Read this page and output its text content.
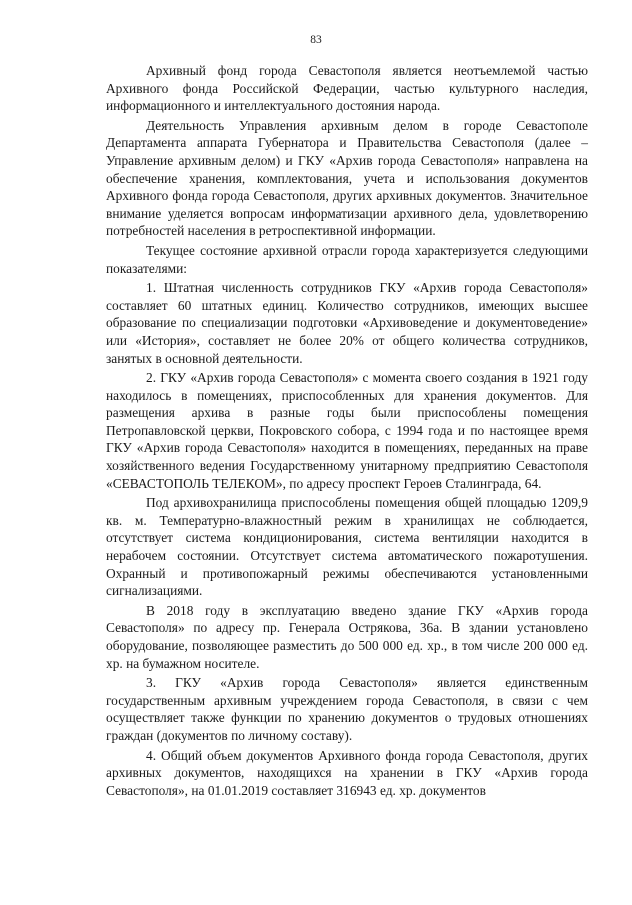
83

Архивный фонд города Севастополя является неотъемлемой частью Архивного фонда Российской Федерации, частью культурного наследия, информационного и интеллектуального достояния народа.

Деятельность Управления архивным делом в городе Севастополе Департамента аппарата Губернатора и Правительства Севастополя (далее – Управление архивным делом) и ГКУ «Архив города Севастополя» направлена на обеспечение хранения, комплектования, учета и использования документов Архивного фонда города Севастополя, других архивных документов. Значительное внимание уделяется вопросам информатизации архивного дела, удовлетворению потребностей населения в ретроспективной информации.

Текущее состояние архивной отрасли города характеризуется следующими показателями:

1. Штатная численность сотрудников ГКУ «Архив города Севастополя» составляет 60 штатных единиц. Количество сотрудников, имеющих высшее образование по специализации подготовки «Архивоведение и документоведение» или «История», составляет не более 20% от общего количества сотрудников, занятых в основной деятельности.

2. ГКУ «Архив города Севастополя» с момента своего создания в 1921 году находилось в помещениях, приспособленных для хранения документов. Для размещения архива в разные годы были приспособлены помещения Петропавловской церкви, Покровского собора, с 1994 года и по настоящее время ГКУ «Архив города Севастополя» находится в помещениях, переданных на праве хозяйственного ведения Государственному унитарному предприятию Севастополя «СЕВАСТОПОЛЬ ТЕЛЕКОМ», по адресу проспект Героев Сталинграда, 64.

Под архивохранилища приспособлены помещения общей площадью 1209,9 кв. м. Температурно-влажностный режим в хранилищах не соблюдается, отсутствует система кондиционирования, система вентиляции находится в нерабочем состоянии. Отсутствует система автоматического пожаротушения. Охранный и противопожарный режимы обеспечиваются установленными сигнализациями.

В 2018 году в эксплуатацию введено здание ГКУ «Архив города Севастополя» по адресу пр. Генерала Острякова, 36а. В здании установлено оборудование, позволяющее разместить до 500 000 ед. хр., в том числе 200 000 ед. хр. на бумажном носителе.

3. ГКУ «Архив города Севастополя» является единственным государственным архивным учреждением города Севастополя, в связи с чем осуществляет также функции по хранению документов о трудовых отношениях граждан (документов по личному составу).

4. Общий объем документов Архивного фонда города Севастополя, других архивных документов, находящихся на хранении в ГКУ «Архив города Севастополя», на 01.01.2019 составляет 316943 ед. хр. документов
